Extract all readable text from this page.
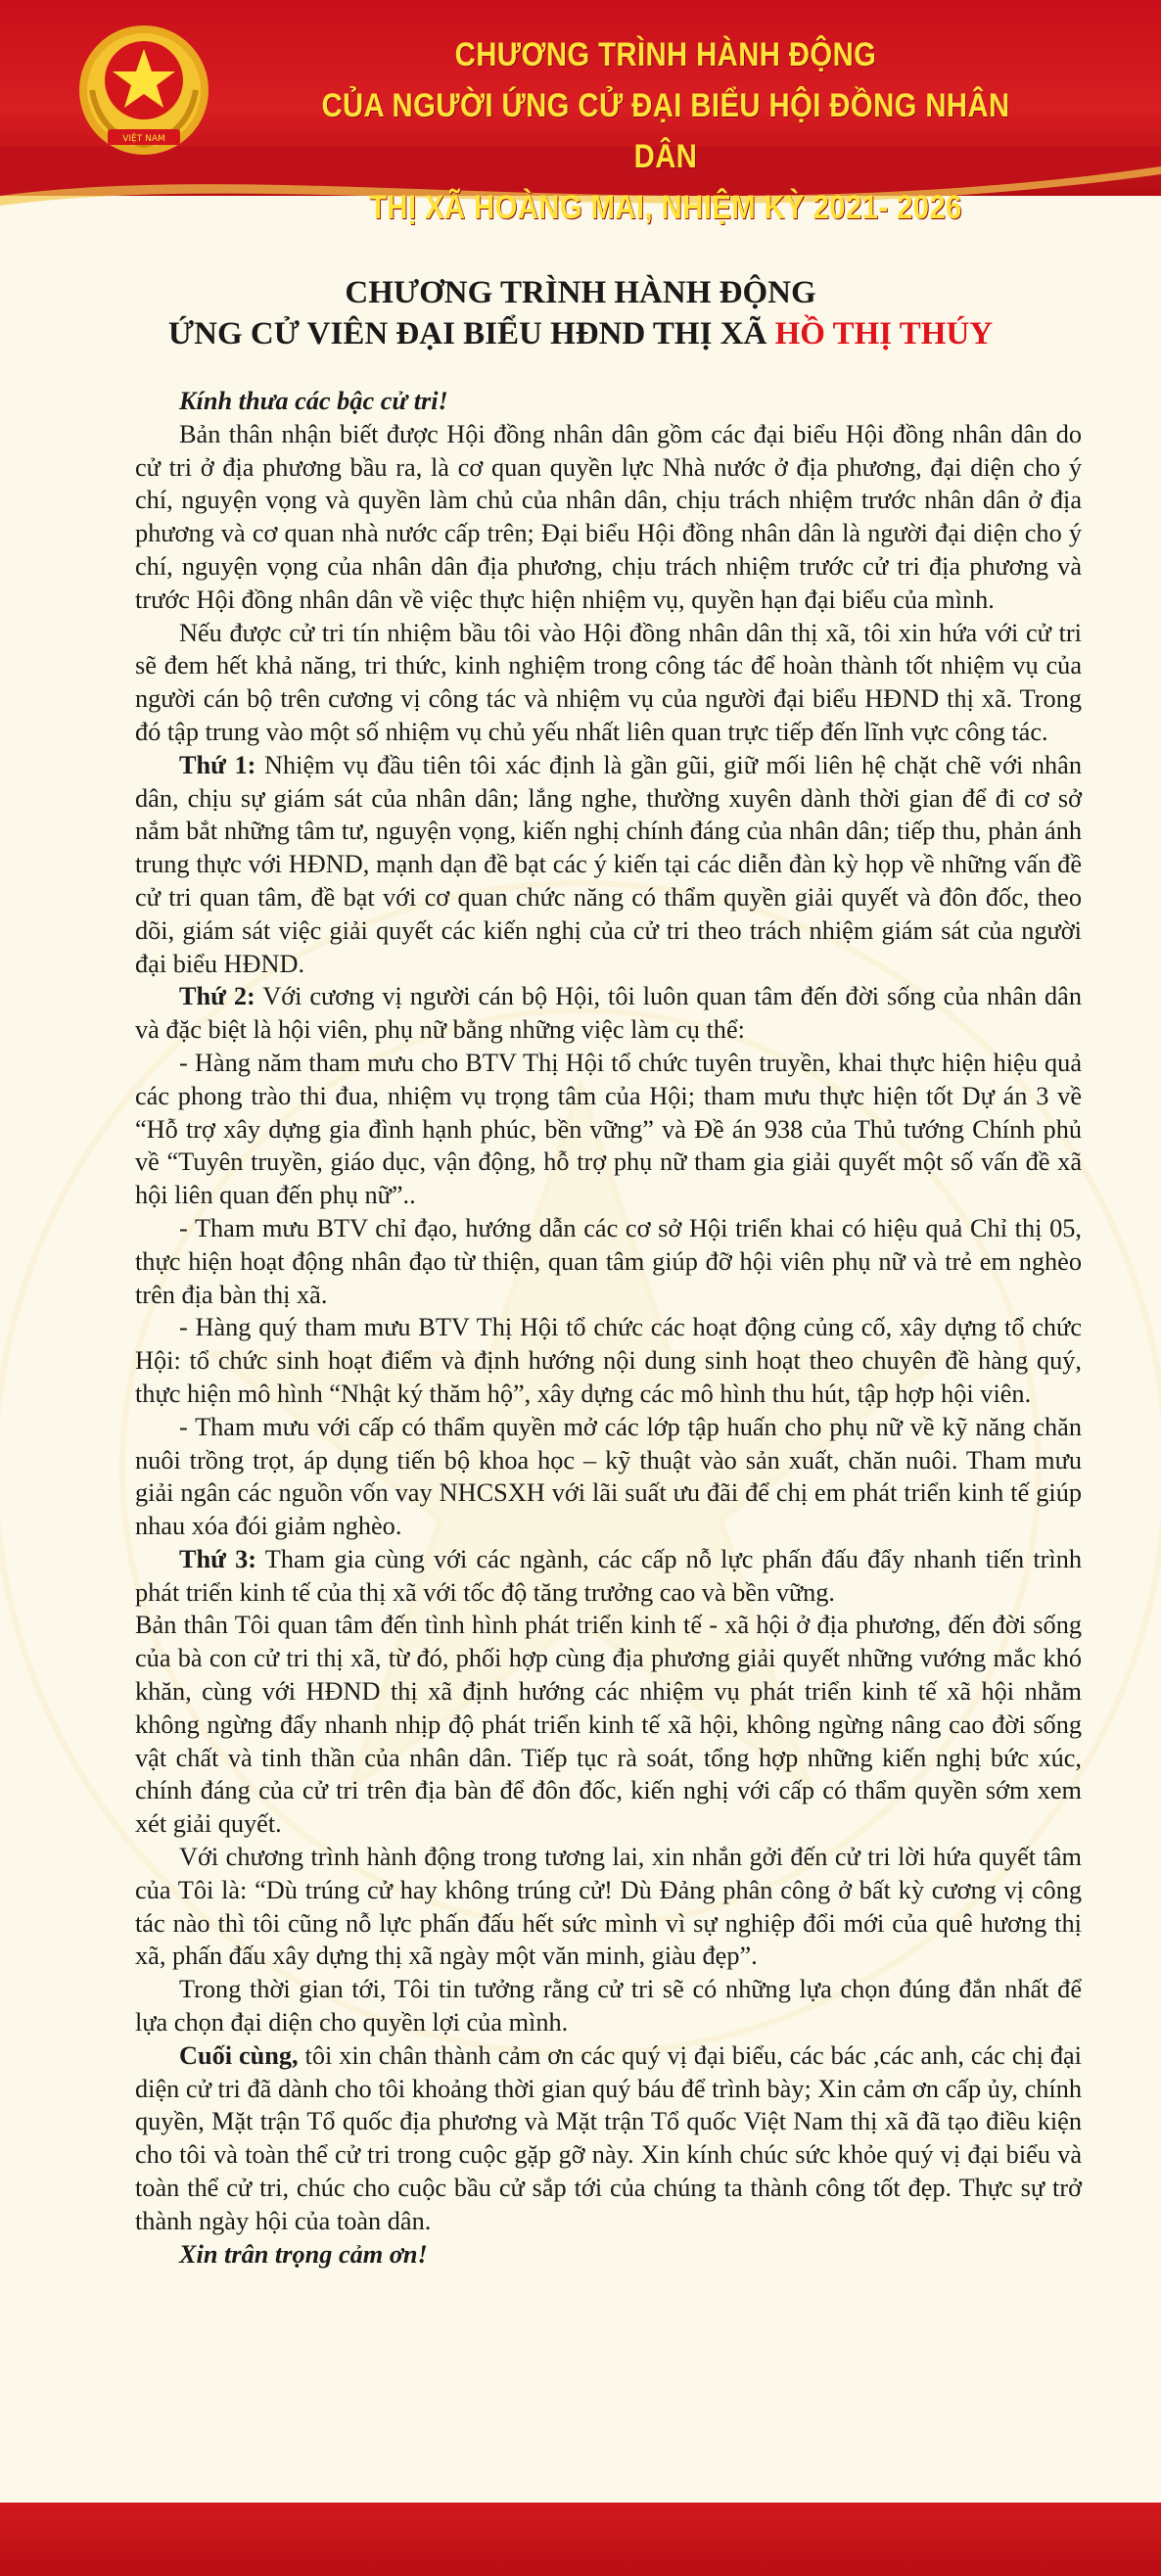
VIỆT NAM
CHƯƠNG TRÌNH HÀNH ĐỘNG
CỦA NGƯỜI ỨNG CỬ ĐẠI BIỂU HỘI ĐỒNG NHÂN DÂN
THỊ XÃ HOÀNG MAI, NHIỆM KỲ 2021- 2026
CHƯƠNG TRÌNH HÀNH ĐỘNG
ỨNG CỬ VIÊN ĐẠI BIỂU HĐND THỊ XÃ HỒ THỊ THÚY

Kính thưa các bậc cử tri!

Bản thân nhận biết được Hội đồng nhân dân gồm các đại biểu Hội đồng nhân dân do cử tri ở địa phương bầu ra, là cơ quan quyền lực Nhà nước ở địa phương, đại diện cho ý chí, nguyện vọng và quyền làm chủ của nhân dân, chịu trách nhiệm trước nhân dân ở địa phương và cơ quan nhà nước cấp trên; Đại biểu Hội đồng nhân dân là người đại diện cho ý chí, nguyện vọng của nhân dân địa phương, chịu trách nhiệm trước cử tri địa phương và trước Hội đồng nhân dân về việc thực hiện nhiệm vụ, quyền hạn đại biểu của mình.

Nếu được cử tri tín nhiệm bầu tôi vào Hội đồng nhân dân thị xã, tôi xin hứa với cử tri sẽ đem hết khả năng, tri thức, kinh nghiệm trong công tác để hoàn thành tốt nhiệm vụ của người cán bộ trên cương vị công tác và nhiệm vụ của người đại biểu HĐND thị xã. Trong đó tập trung vào một số nhiệm vụ chủ yếu nhất liên quan trực tiếp đến lĩnh vực công tác.

Thứ 1: Nhiệm vụ đầu tiên tôi xác định là gần gũi, giữ mối liên hệ chặt chẽ với nhân dân, chịu sự giám sát của nhân dân; lắng nghe, thường xuyên dành thời gian để đi cơ sở nắm bắt những tâm tư, nguyện vọng, kiến nghị chính đáng của nhân dân; tiếp thu, phản ánh trung thực với HĐND, mạnh dạn đề bạt các ý kiến tại các diễn đàn kỳ họp về những vấn đề cử tri quan tâm, đề bạt với cơ quan chức năng có thẩm quyền giải quyết và đôn đốc, theo dõi, giám sát việc giải quyết các kiến nghị của cử tri theo trách nhiệm giám sát của người đại biểu HĐND.

Thứ 2: Với cương vị người cán bộ Hội, tôi luôn quan tâm đến đời sống của nhân dân và đặc biệt là hội viên, phụ nữ bằng những việc làm cụ thể:

- Hàng năm tham mưu cho BTV Thị Hội tổ chức tuyên truyền, khai thực hiện hiệu quả các phong trào thi đua, nhiệm vụ trọng tâm của Hội; tham mưu thực hiện tốt Dự án 3 về “Hỗ trợ xây dựng gia đình hạnh phúc, bền vững” và Đề án 938 của Thủ tướng Chính phủ về “Tuyên truyền, giáo dục, vận động, hỗ trợ phụ nữ tham gia giải quyết một số vấn đề xã hội liên quan đến phụ nữ”..

- Tham mưu BTV chỉ đạo, hướng dẫn các cơ sở Hội triển khai có hiệu quả Chỉ thị 05, thực hiện hoạt động nhân đạo từ thiện, quan tâm giúp đỡ hội viên phụ nữ và trẻ em nghèo trên địa bàn thị xã.

- Hàng quý tham mưu BTV Thị Hội tổ chức các hoạt động củng cố, xây dựng tổ chức Hội: tổ chức sinh hoạt điểm và định hướng nội dung sinh hoạt theo chuyên đề hàng quý, thực hiện mô hình “Nhật ký thăm hộ”, xây dựng các mô hình thu hút, tập hợp hội viên.

- Tham mưu với cấp có thẩm quyền mở các lớp tập huấn cho phụ nữ về kỹ năng chăn nuôi trồng trọt, áp dụng tiến bộ khoa học – kỹ thuật vào sản xuất, chăn nuôi. Tham mưu giải ngân các nguồn vốn vay NHCSXH với lãi suất ưu đãi để chị em phát triển kinh tế giúp nhau xóa đói giảm nghèo.

Thứ 3: Tham gia cùng với các ngành, các cấp nỗ lực phấn đấu đẩy nhanh tiến trình phát triển kinh tế của thị xã với tốc độ tăng trưởng cao và bền vững.

Bản thân Tôi quan tâm đến tình hình phát triển kinh tế - xã hội ở địa phương, đến đời sống của bà con cử tri thị xã, từ đó, phối hợp cùng địa phương giải quyết những vướng mắc khó khăn, cùng với HĐND thị xã định hướng các nhiệm vụ phát triển kinh tế xã hội nhằm không ngừng đẩy nhanh nhịp độ phát triển kinh tế xã hội, không ngừng nâng cao đời sống vật chất và tinh thần của nhân dân. Tiếp tục rà soát, tổng hợp những kiến nghị bức xúc, chính đáng của cử tri trên địa bàn để đôn đốc, kiến nghị với cấp có thẩm quyền sớm xem xét giải quyết.

Với chương trình hành động trong tương lai, xin nhắn gởi đến cử tri lời hứa quyết tâm của Tôi là: “Dù trúng cử hay không trúng cử! Dù Đảng phân công ở bất kỳ cương vị công tác nào thì tôi cũng nỗ lực phấn đấu hết sức mình vì sự nghiệp đổi mới của quê hương thị xã, phấn đấu xây dựng thị xã ngày một văn minh, giàu đẹp”.

Trong thời gian tới, Tôi tin tưởng rằng cử tri sẽ có những lựa chọn đúng đắn nhất để lựa chọn đại diện cho quyền lợi của mình.

Cuối cùng, tôi xin chân thành cảm ơn các quý vị đại biểu, các bác ,các anh, các chị đại diện cử tri đã dành cho tôi khoảng thời gian quý báu để trình bày; Xin cảm ơn cấp ủy, chính quyền, Mặt trận Tổ quốc địa phương và Mặt trận Tổ quốc Việt Nam thị xã đã tạo điều kiện cho tôi và toàn thể cử tri trong cuộc gặp gỡ này. Xin kính chúc sức khỏe quý vị đại biểu và toàn thể cử tri, chúc cho cuộc bầu cử sắp tới của chúng ta thành công tốt đẹp. Thực sự trở thành ngày hội của toàn dân.

Xin trân trọng cảm ơn!
